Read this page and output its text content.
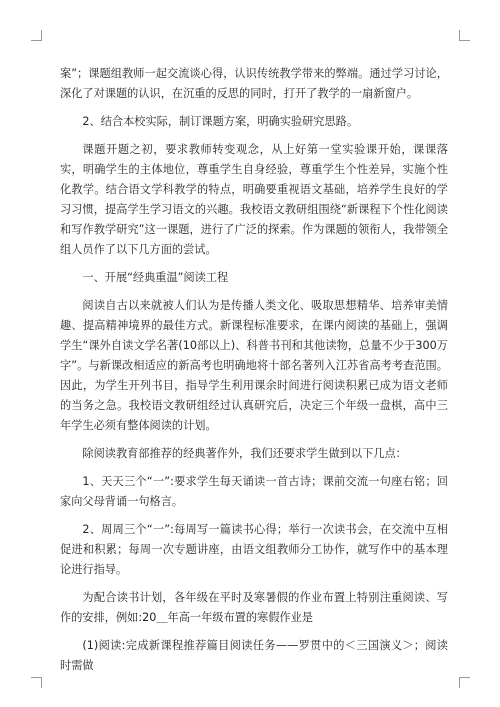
案”；课题组教师一起交流谈心得，认识传统教学带来的弊端。通过学习讨论，深化了对课题的认识，在沉重的反思的同时，打开了教学的一扇新窗户。

2、结合本校实际，制订课题方案，明确实验研究思路。

课题开题之初，要求教师转变观念，从上好第一堂实验课开始，课课落实，明确学生的主体地位，尊重学生自身经验，尊重学生个性差异，实施个性化教学。结合语文学科教学的特点，明确要重视语文基础，培养学生良好的学习习惯，提高学生学习语文的兴趣。我校语文教研组围绕“新课程下个性化阅读和写作教学研究”这一课题，进行了广泛的探索。作为课题的领衔人，我带领全组人员作了以下几方面的尝试。

一、开展“经典重温”阅读工程

阅读自古以来就被人们认为是传播人类文化、吸取思想精华、培养审美情趣、提高精神境界的最佳方式。新课程标准要求，在课内阅读的基础上，强调学生“课外自读文学名著(10部以上)、科普书刊和其他读物，总量不少于300万字”。与新课改相适应的新高考也明确地将十部名著列入江苏省高考考查范围。因此，为学生开列书目，指导学生利用课余时间进行阅读积累已成为语文老师的当务之急。我校语文教研组经过认真研究后，决定三个年级一盘棋，高中三年学生必须有整体阅读的计划。

除阅读教育部推荐的经典著作外，我们还要求学生做到以下几点：

1、天天三个“一”:要求学生每天诵读一首古诗；课前交流一句座右铭；回家向父母背诵一句格言。

2、周周三个“一”:每周写一篇读书心得；举行一次读书会，在交流中互相促进和积累；每周一次专题讲座，由语文组教师分工协作，就写作中的基本理论进行指导。

为配合读书计划，各年级在平时及寒暑假的作业布置上特别注重阅读、写作的安排，例如:20＿年高一年级布置的寒假作业是

(1)阅读:完成新课程推荐篇目阅读任务——罗贯中的＜三国演义＞；阅读时需做
